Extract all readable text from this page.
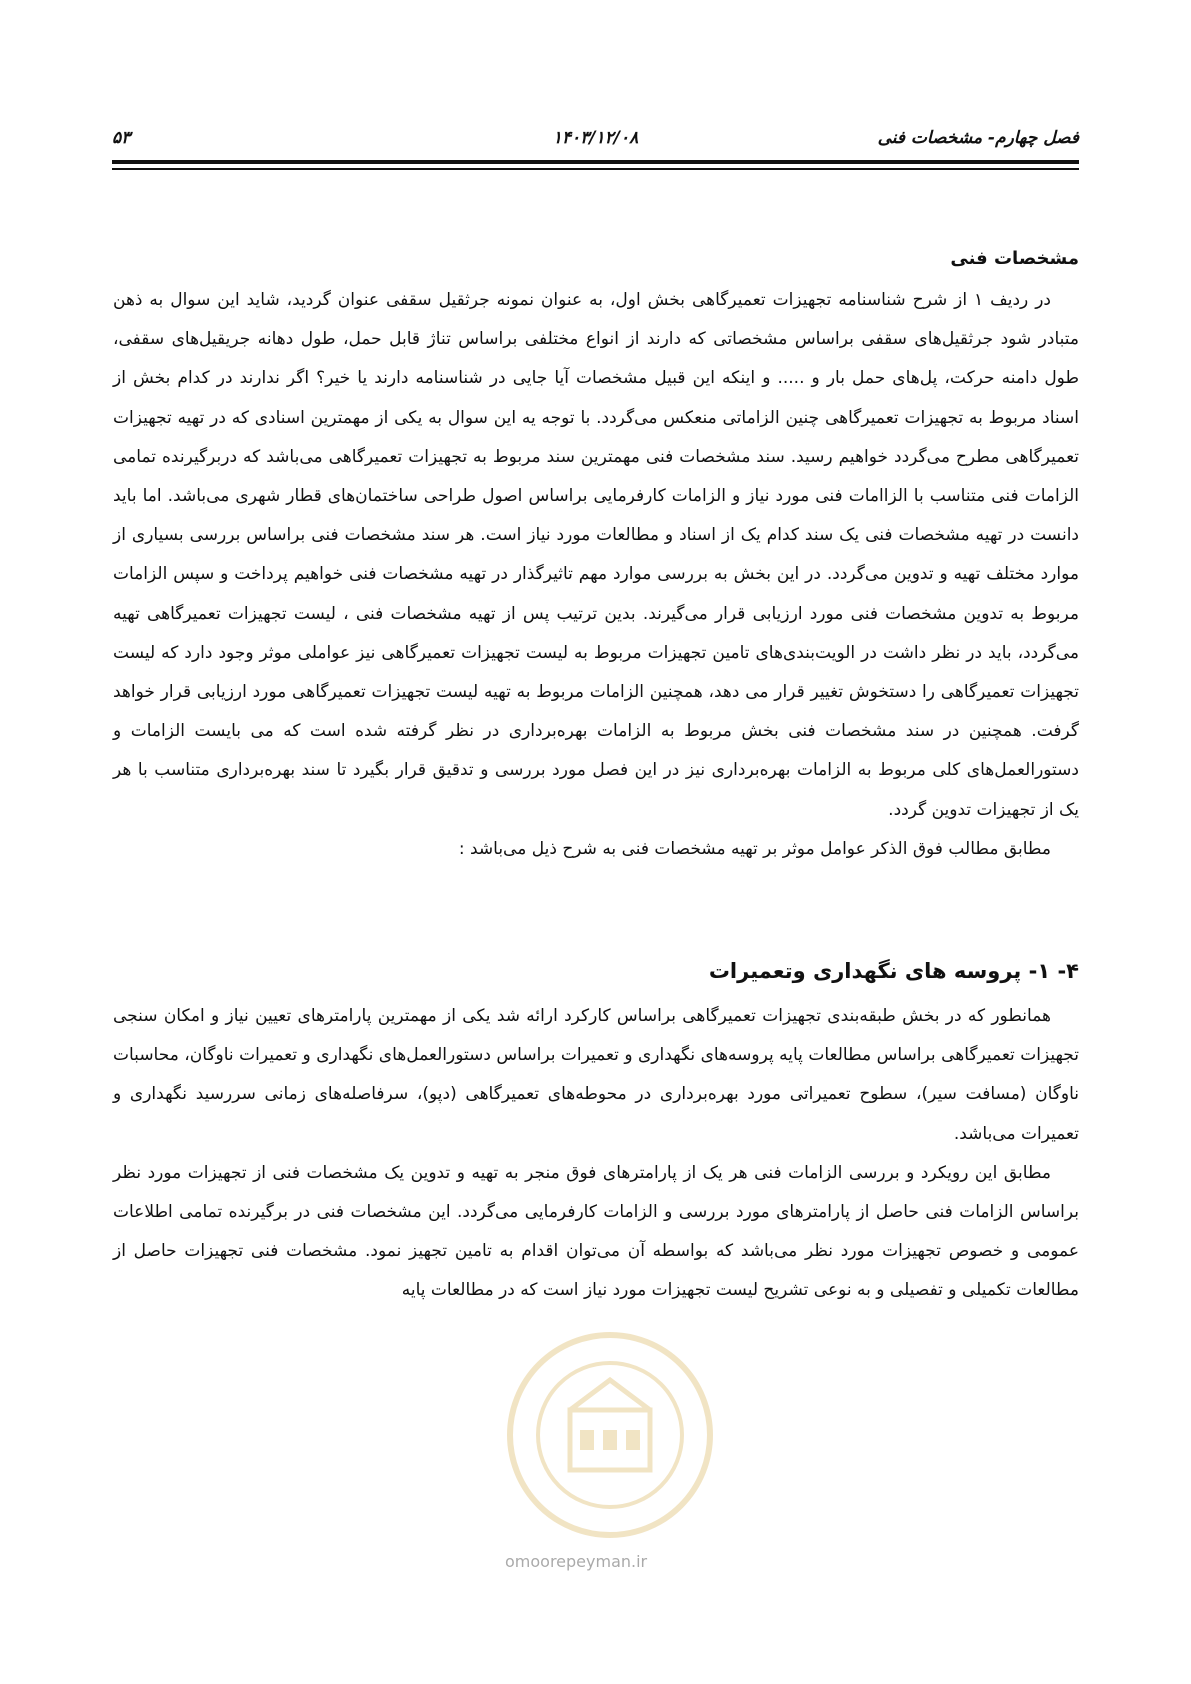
فصل چهارم- مشخصات فنی
۱۴۰۳/۱۲/۰۸
۵۳
مشخصات فنی

در ردیف ۱ از شرح شناسنامه تجهیزات تعمیرگاهی بخش اول، به عنوان نمونه جرثقیل سقفی عنوان گردید، شاید این سوال به ذهن متبادر شود جرثقیل‌های سقفی براساس مشخصاتی که دارند از انواع مختلفی براساس تناژ قابل حمل، طول دهانه جریقیل‌های سقفی، طول دامنه حرکت، پل‌های حمل بار و ..... و اینکه این قبیل مشخصات آیا جایی در شناسنامه دارند یا خیر؟ اگر ندارند در کدام بخش از اسناد مربوط به تجهیزات تعمیرگاهی چنین الزاماتی منعکس می‌گردد. با توجه یه این سوال به یکی از مهمترین اسنادی که در تهیه تجهیزات تعمیرگاهی مطرح می‌گردد خواهیم رسید. سند مشخصات فنی مهمترین سند مربوط به تجهیزات تعمیرگاهی می‌باشد که دربرگیرنده تمامی الزامات فنی متناسب با الزاامات فنی مورد نیاز و الزامات کارفرمایی براساس اصول طراحی ساختمان‌های قطار شهری می‌باشد. اما باید دانست در تهیه مشخصات فنی یک سند کدام یک از اسناد و مطالعات مورد نیاز است. هر سند مشخصات فنی براساس بررسی بسیاری از موارد مختلف تهیه و تدوین می‌گردد. در این بخش به بررسی موارد مهم تاثیرگذار در تهیه مشخصات فنی خواهیم پرداخت و سپس الزامات مربوط به تدوین مشخصات فنی مورد ارزیابی قرار می‌گیرند. بدین ترتیب پس از تهیه مشخصات فنی ، لیست تجهیزات تعمیرگاهی تهیه می‌گردد، باید در نظر داشت در الویت‌بندی‌های تامین تجهیزات مربوط به لیست تجهیزات تعمیرگاهی نیز عواملی موثر وجود دارد که لیست تجهیزات تعمیرگاهی را دستخوش تغییر قرار می دهد، همچنین الزامات مربوط به تهیه لیست تجهیزات تعمیرگاهی مورد ارزیابی قرار خواهد گرفت. همچنین در سند مشخصات فنی بخش مربوط به الزامات بهره‌برداری در نظر گرفته شده است که می بایست الزامات و دستورالعمل‌های کلی مربوط به الزامات بهره‌برداری نیز در این فصل مورد بررسی و تدقیق قرار بگیرد تا سند بهره‌برداری متناسب با هر یک از تجهیزات تدوین گردد.

مطابق مطالب فوق الذکر عوامل موثر بر تهیه مشخصات فنی به شرح ذیل می‌باشد :

۴- ۱- پروسه های نگهداری وتعمیرات

همانطور که در بخش طبقه‌بندی تجهیزات تعمیرگاهی براساس کارکرد ارائه شد یکی از مهمترین پارامترهای تعیین نیاز و امکان سنجی تجهیزات تعمیرگاهی براساس مطالعات پایه پروسه‌های نگهداری و تعمیرات براساس دستورالعمل‌های نگهداری و تعمیرات ناوگان، محاسبات ناوگان (مسافت سیر)، سطوح تعمیراتی مورد بهره‌برداری در محوطه‌های تعمیرگاهی (دپو)، سرفاصله‌های زمانی سررسید نگهداری و تعمیرات می‌باشد.

مطابق این رویکرد و بررسی الزامات فنی هر یک از پارامترهای فوق منجر به تهیه و تدوین یک مشخصات فنی از تجهیزات مورد نظر براساس الزامات فنی حاصل از پارامترهای مورد بررسی و الزامات کارفرمایی می‌گردد. این مشخصات فنی در برگیرنده تمامی اطلاعات عمومی و خصوص تجهیزات مورد نظر می‌باشد که بواسطه آن می‌توان اقدام به تامین تجهیز نمود. مشخصات فنی تجهیزات حاصل از مطالعات تکمیلی و تفصیلی و به نوعی تشریح لیست تجهیزات مورد نیاز است که در مطالعات پایه

omoorepeyman.ir
